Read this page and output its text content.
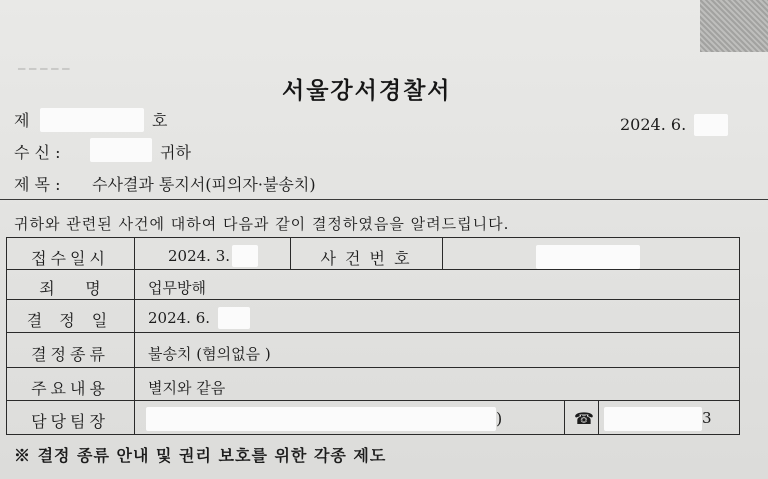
━ ━ ━ ━ ━
서울강서경찰서
제	호	2024. 6.
수 신 :	귀하
제 목 : 수사결과 통지서(피의자·불송치)
귀하와 관련된 사건에 대하여 다음과 같이 결정하였음을 알려드립니다.
접수일시	2024. 3.	사 건 번 호
죄      명	업무방해
결 정 일	2024. 6.
결정종류	불송치 (혐의없음 )
주요내용	별지와 같음
담당팀장	)	☎	3
※ 결정 종류 안내 및 권리 보호를 위한 각종 제도
